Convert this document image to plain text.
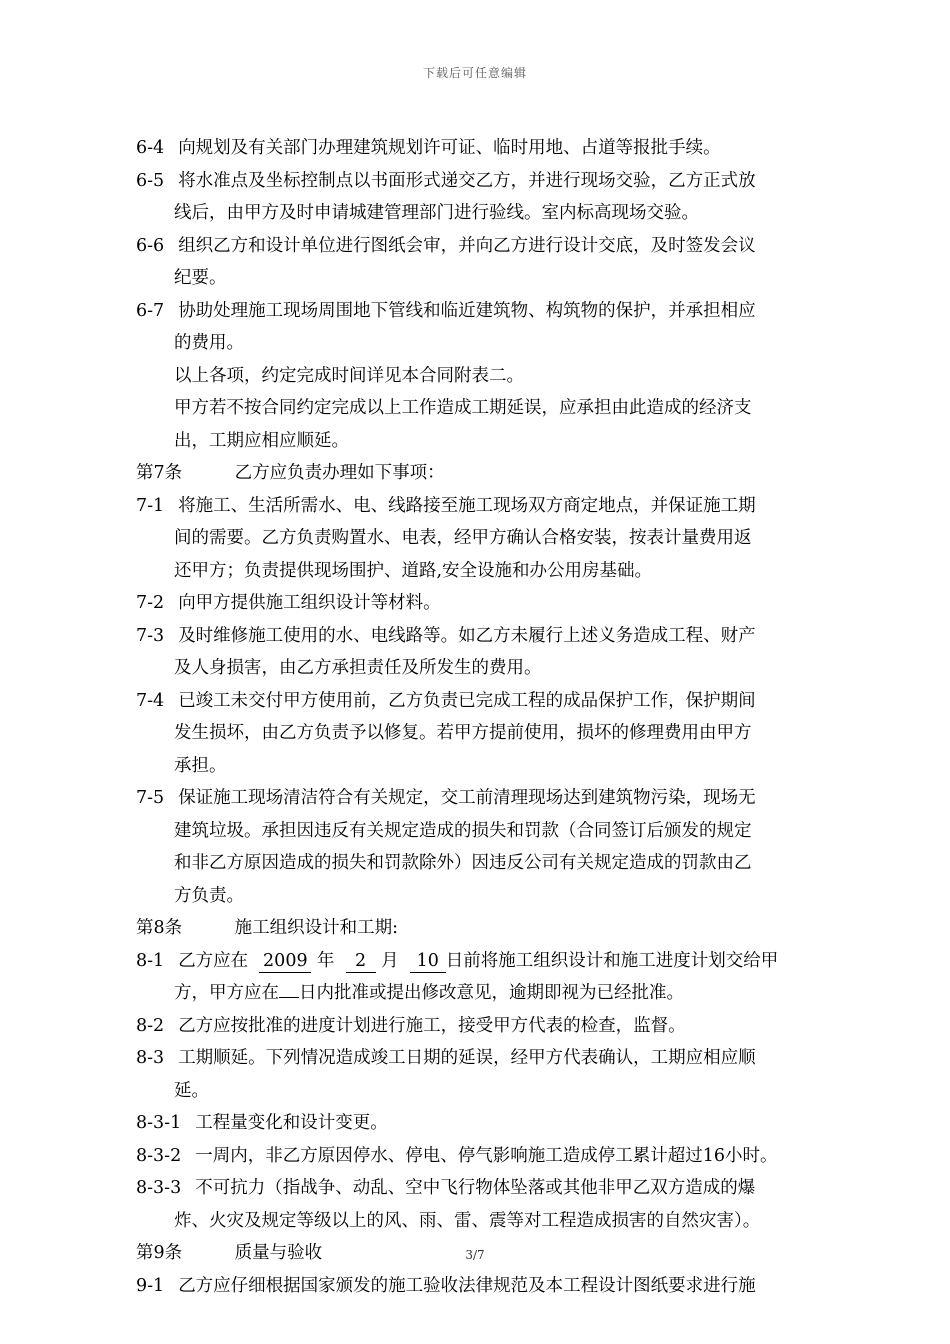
下载后可任意编辑
6-4 向规划及有关部门办理建筑规划许可证、临时用地、占道等报批手续。
6-5 将水准点及坐标控制点以书面形式递交乙方，并进行现场交验，乙方正式放
线后，由甲方及时申请城建管理部门进行验线。室内标高现场交验。
6-6 组织乙方和设计单位进行图纸会审，并向乙方进行设计交底，及时签发会议
纪要。
6-7 协助处理施工现场周围地下管线和临近建筑物、构筑物的保护，并承担相应
的费用。
以上各项，约定完成时间详见本合同附表二。
甲方若不按合同约定完成以上工作造成工期延误，应承担由此造成的经济支
出，工期应相应顺延。
第7条	乙方应负责办理如下事项：
7-1 将施工、生活所需水、电、线路接至施工现场双方商定地点，并保证施工期
间的需要。乙方负责购置水、电表，经甲方确认合格安装，按表计量费用返
还甲方；负责提供现场围护、道路,安全设施和办公用房基础。
7-2 向甲方提供施工组织设计等材料。
7-3 及时维修施工使用的水、电线路等。如乙方未履行上述义务造成工程、财产
及人身损害，由乙方承担责任及所发生的费用。
7-4 已竣工未交付甲方使用前，乙方负责已完成工程的成品保护工作，保护期间
发生损坏，由乙方负责予以修复。若甲方提前使用，损坏的修理费用由甲方
承担。
7-5 保证施工现场清洁符合有关规定，交工前清理现场达到建筑物污染，现场无
建筑垃圾。承担因违反有关规定造成的损失和罚款（合同签订后颁发的规定
和非乙方原因造成的损失和罚款除外）因违反公司有关规定造成的罚款由乙
方负责。
第8条	施工组织设计和工期:
8-1 乙方应在 2009 年 2 月 10 日前将施工组织设计和施工进度计划交给甲
方，甲方应在 日内批准或提出修改意见，逾期即视为已经批准。
8-2 乙方应按批准的进度计划进行施工，接受甲方代表的检查，监督。
8-3 工期顺延。下列情况造成竣工日期的延误，经甲方代表确认，工期应相应顺
延。
8-3-1 工程量变化和设计变更。
8-3-2 一周内，非乙方原因停水、停电、停气影响施工造成停工累计超过16小时。
8-3-3 不可抗力（指战争、动乱、空中飞行物体坠落或其他非甲乙双方造成的爆
炸、火灾及规定等级以上的风、雨、雷、震等对工程造成损害的自然灾害）。
第9条	质量与验收
9-1 乙方应仔细根据国家颁发的施工验收法律规范及本工程设计图纸要求进行施
3/7
